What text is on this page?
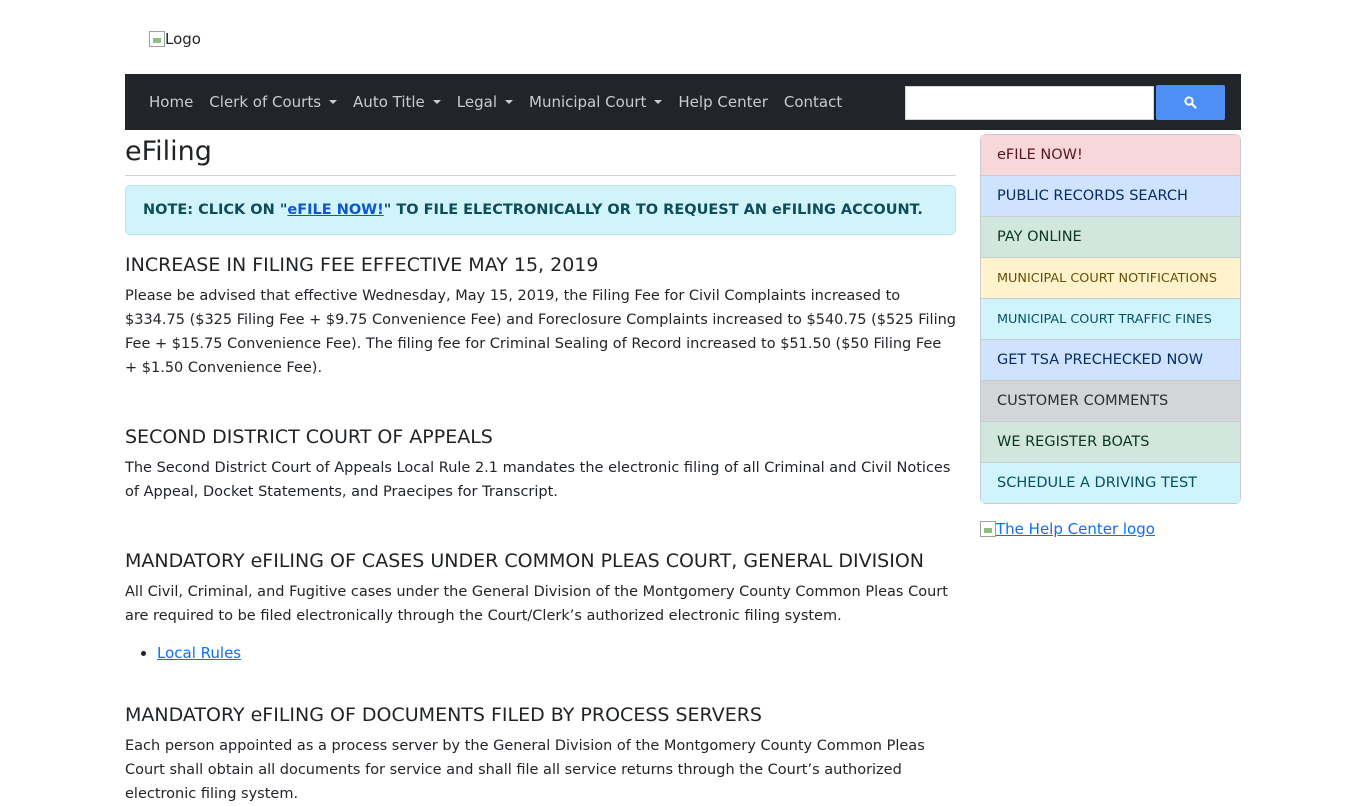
Logo
Home Clerk of Courts Auto Title Legal Municipal Court Help Center Contact
eFiling
NOTE: CLICK ON " eFILE NOW! " TO FILE ELECTRONICALLY OR TO REQUEST AN eFILING ACCOUNT.
INCREASE IN FILING FEE EFFECTIVE MAY 15, 2019

Please be advised that effective Wednesday, May 15, 2019, the Filing Fee for Civil Complaints increased to $334.75 ($325 Filing Fee + $9.75 Convenience Fee) and Foreclosure Complaints increased to $540.75 ($525 Filing Fee + $15.75 Convenience Fee). The filing fee for Criminal Sealing of Record increased to $51.50 ($50 Filing Fee + $1.50 Convenience Fee).

SECOND DISTRICT COURT OF APPEALS

The Second District Court of Appeals Local Rule 2.1 mandates the electronic filing of all Criminal and Civil Notices of Appeal, Docket Statements, and Praecipes for Transcript.

MANDATORY eFILING OF CASES UNDER COMMON PLEAS COURT, GENERAL DIVISION

All Civil, Criminal, and Fugitive cases under the General Division of the Montgomery County Common Pleas Court are required to be filed electronically through the Court/Clerk’s authorized electronic filing system.

• Local Rules
MANDATORY eFILING OF DOCUMENTS FILED BY PROCESS SERVERS

Each person appointed as a process server by the General Division of the Montgomery County Common Pleas Court shall obtain all documents for service and shall file all service returns through the Court’s authorized electronic filing system.

eFILE NOW!
PUBLIC RECORDS SEARCH
PAY ONLINE
MUNICIPAL COURT NOTIFICATIONS
MUNICIPAL COURT TRAFFIC FINES
GET TSA PRECHECKED NOW
CUSTOMER COMMENTS
WE REGISTER BOATS
SCHEDULE A DRIVING TEST
The Help Center logo
